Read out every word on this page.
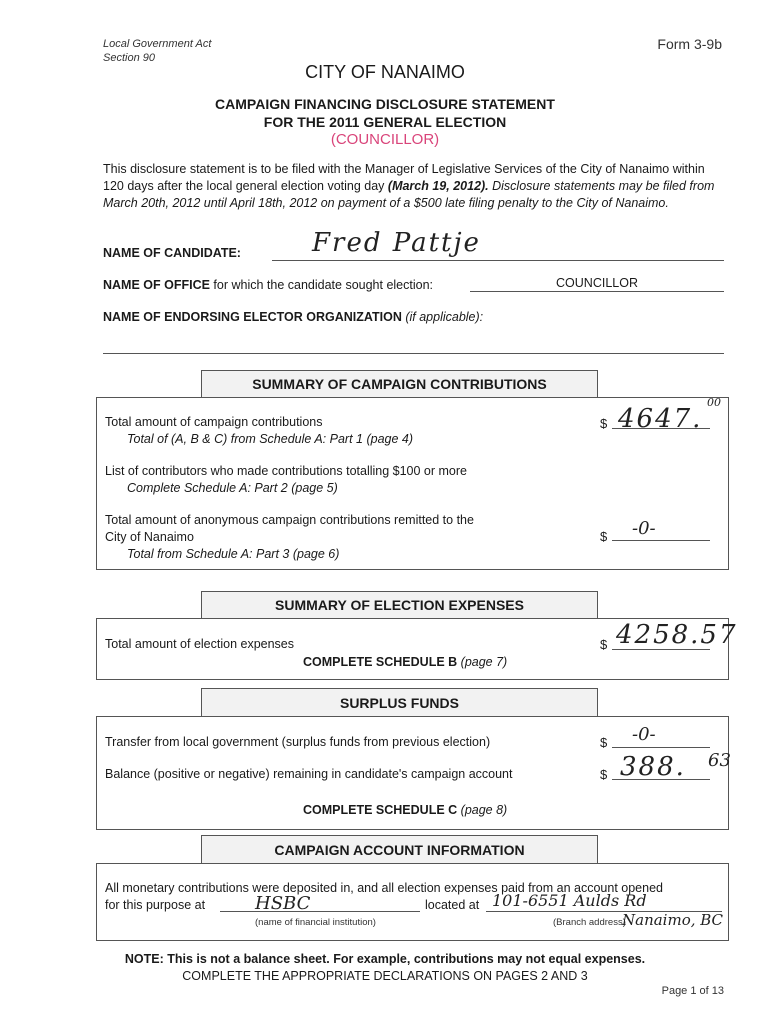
Local Government Act
Section 90
Form 3-9b
CITY OF NANAIMO
CAMPAIGN FINANCING DISCLOSURE STATEMENT
FOR THE 2011 GENERAL ELECTION
(COUNCILLOR)
This disclosure statement is to be filed with the Manager of Legislative Services of the City of Nanaimo within 120 days after the local general election voting day (March 19, 2012). Disclosure statements may be filed from March 20th, 2012 until April 18th, 2012 on payment of a $500 late filing penalty to the City of Nanaimo.
NAME OF CANDIDATE:	Fred Pattje
NAME OF OFFICE for which the candidate sought election:	COUNCILLOR
NAME OF ENDORSING ELECTOR ORGANIZATION (if applicable):
SUMMARY OF CAMPAIGN CONTRIBUTIONS
Total amount of campaign contributions
Total of (A, B & C) from Schedule A: Part 1 (page 4)
$ 4647.
00
List of contributors who made contributions totalling $100 or more
Complete Schedule A: Part 2 (page 5)
Total amount of anonymous campaign contributions remitted to the
City of Nanaimo
Total from Schedule A: Part 3 (page 6)
$ -0-
SUMMARY OF ELECTION EXPENSES
Total amount of election expenses
COMPLETE SCHEDULE B (page 7)
$ 4258.57
SURPLUS FUNDS
Transfer from local government (surplus funds from previous election)	$ -0-
Balance (positive or negative) remaining in candidate's campaign account	$ 388. 63
COMPLETE SCHEDULE C (page 8)
CAMPAIGN ACCOUNT INFORMATION
All monetary contributions were deposited in, and all election expenses paid from an account opened
for this purpose at	HSBC	located at 101-6551 Aulds Rd
(name of financial institution)	(Branch address)
Nanaimo, BC
NOTE: This is not a balance sheet. For example, contributions may not equal expenses.
COMPLETE THE APPROPRIATE DECLARATIONS ON PAGES 2 AND 3
Page 1 of 13
